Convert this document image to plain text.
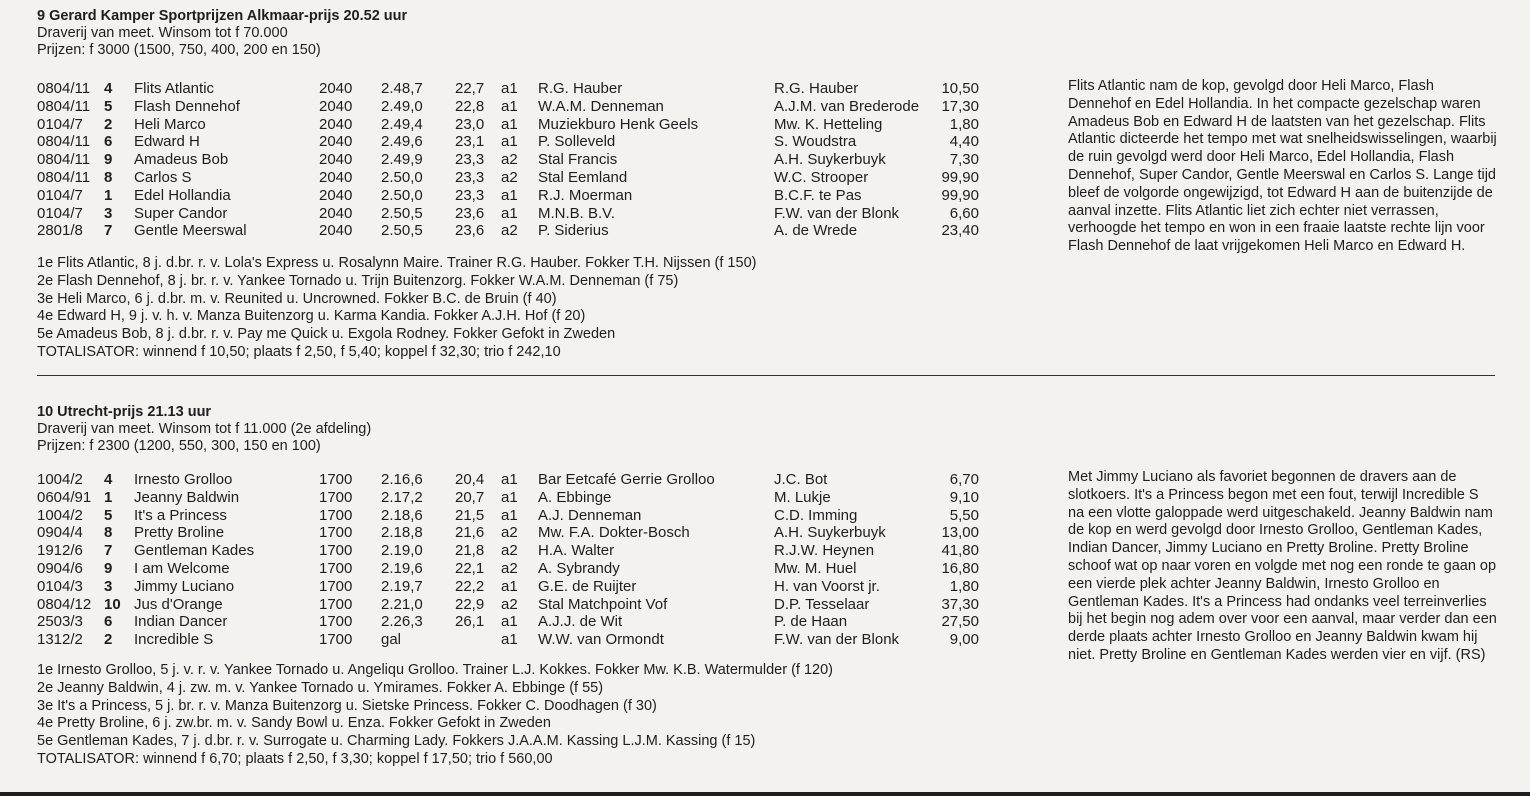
9 Gerard Kamper Sportprijzen Alkmaar-prijs 20.52 uur
Draverij van meet. Winsom tot f 70.000
Prijzen: f 3000 (1500, 750, 400, 200 en 150)
0804/11	4	Flits Atlantic	2040	2.48,7	22,7	a1	R.G. Hauber	R.G. Hauber	10,50
0804/11	5	Flash Dennehof	2040	2.49,0	22,8	a1	W.A.M. Denneman	A.J.M. van Brederode	17,30
0104/7	2	Heli Marco	2040	2.49,4	23,0	a1	Muziekburo Henk Geels	Mw. K. Hetteling	1,80
0804/11	6	Edward H	2040	2.49,6	23,1	a1	P. Solleveld	S. Woudstra	4,40
0804/11	9	Amadeus Bob	2040	2.49,9	23,3	a2	Stal Francis	A.H. Suykerbuyk	7,30
0804/11	8	Carlos S	2040	2.50,0	23,3	a2	Stal Eemland	W.C. Strooper	99,90
0104/7	1	Edel Hollandia	2040	2.50,0	23,3	a1	R.J. Moerman	B.C.F. te Pas	99,90
0104/7	3	Super Candor	2040	2.50,5	23,6	a1	M.N.B. B.V.	F.W. van der Blonk	6,60
2801/8	7	Gentle Meerswal	2040	2.50,5	23,6	a2	P. Siderius	A. de Wrede	23,40
1e Flits Atlantic, 8 j. d.br. r. v. Lola's Express u. Rosalynn Maire. Trainer R.G. Hauber. Fokker T.H. Nijssen (f 150)
2e Flash Dennehof, 8 j. br. r. v. Yankee Tornado u. Trijn Buitenzorg. Fokker W.A.M. Denneman (f 75)
3e Heli Marco, 6 j. d.br. m. v. Reunited u. Uncrowned. Fokker B.C. de Bruin (f 40)
4e Edward H, 9 j. v. h. v. Manza Buitenzorg u. Karma Kandia. Fokker A.J.H. Hof (f 20)
5e Amadeus Bob, 8 j. d.br. r. v. Pay me Quick u. Exgola Rodney. Fokker Gefokt in Zweden
TOTALISATOR: winnend f 10,50; plaats f 2,50, f 5,40; koppel f 32,30; trio f 242,10
Flits Atlantic nam de kop, gevolgd door Heli Marco, Flash Dennehof en Edel Hollandia. In het compacte gezelschap waren Amadeus Bob en Edward H de laatsten van het gezelschap. Flits Atlantic dicteerde het tempo met wat snelheidswisselingen, waarbij de ruin gevolgd werd door Heli Marco, Edel Hollandia, Flash Dennehof, Super Candor, Gentle Meerswal en Carlos S. Lange tijd bleef de volgorde ongewijzigd, tot Edward H aan de buitenzijde de aanval inzette. Flits Atlantic liet zich echter niet verrassen, verhoogde het tempo en won in een fraaie laatste rechte lijn voor Flash Dennehof de laat vrijgekomen Heli Marco en Edward H.
10 Utrecht-prijs 21.13 uur
Draverij van meet. Winsom tot f 11.000 (2e afdeling)
Prijzen: f 2300 (1200, 550, 300, 150 en 100)
1004/2	4	Irnesto Grolloo	1700	2.16,6	20,4	a1	Bar Eetcafé Gerrie Grolloo	J.C. Bot	6,70
0604/91	1	Jeanny Baldwin	1700	2.17,2	20,7	a1	A. Ebbinge	M. Lukje	9,10
1004/2	5	It's a Princess	1700	2.18,6	21,5	a1	A.J. Denneman	C.D. Imming	5,50
0904/4	8	Pretty Broline	1700	2.18,8	21,6	a2	Mw. F.A. Dokter-Bosch	A.H. Suykerbuyk	13,00
1912/6	7	Gentleman Kades	1700	2.19,0	21,8	a2	H.A. Walter	R.J.W. Heynen	41,80
0904/6	9	I am Welcome	1700	2.19,6	22,1	a2	A. Sybrandy	Mw. M. Huel	16,80
0104/3	3	Jimmy Luciano	1700	2.19,7	22,2	a1	G.E. de Ruijter	H. van Voorst jr.	1,80
0804/12	10	Jus d'Orange	1700	2.21,0	22,9	a2	Stal Matchpoint Vof	D.P. Tesselaar	37,30
2503/3	6	Indian Dancer	1700	2.26,3	26,1	a1	A.J.J. de Wit	P. de Haan	27,50
1312/2	2	Incredible S	1700	gal		a1	W.W. van Ormondt	F.W. van der Blonk	9,00
1e Irnesto Grolloo, 5 j. v. r. v. Yankee Tornado u. Angeliqu Grolloo. Trainer L.J. Kokkes. Fokker Mw. K.B. Watermulder (f 120)
2e Jeanny Baldwin, 4 j. zw. m. v. Yankee Tornado u. Ymirames. Fokker A. Ebbinge (f 55)
3e It's a Princess, 5 j. br. r. v. Manza Buitenzorg u. Sietske Princess. Fokker C. Doodhagen (f 30)
4e Pretty Broline, 6 j. zw.br. m. v. Sandy Bowl u. Enza. Fokker Gefokt in Zweden
5e Gentleman Kades, 7 j. d.br. r. v. Surrogate u. Charming Lady. Fokkers J.A.A.M. Kassing L.J.M. Kassing (f 15)
TOTALISATOR: winnend f 6,70; plaats f 2,50, f 3,30; koppel f 17,50; trio f 560,00
Met Jimmy Luciano als favoriet begonnen de dravers aan de slotkoers. It's a Princess begon met een fout, terwijl Incredible S na een vlotte galoppade werd uitgeschakeld. Jeanny Baldwin nam de kop en werd gevolgd door Irnesto Grolloo, Gentleman Kades, Indian Dancer, Jimmy Luciano en Pretty Broline. Pretty Broline schoof wat op naar voren en volgde met nog een ronde te gaan op een vierde plek achter Jeanny Baldwin, Irnesto Grolloo en Gentleman Kades. It's a Princess had ondanks veel terreinverlies bij het begin nog adem over voor een aanval, maar verder dan een derde plaats achter Irnesto Grolloo en Jeanny Baldwin kwam hij niet. Pretty Broline en Gentleman Kades werden vier en vijf. (RS)
